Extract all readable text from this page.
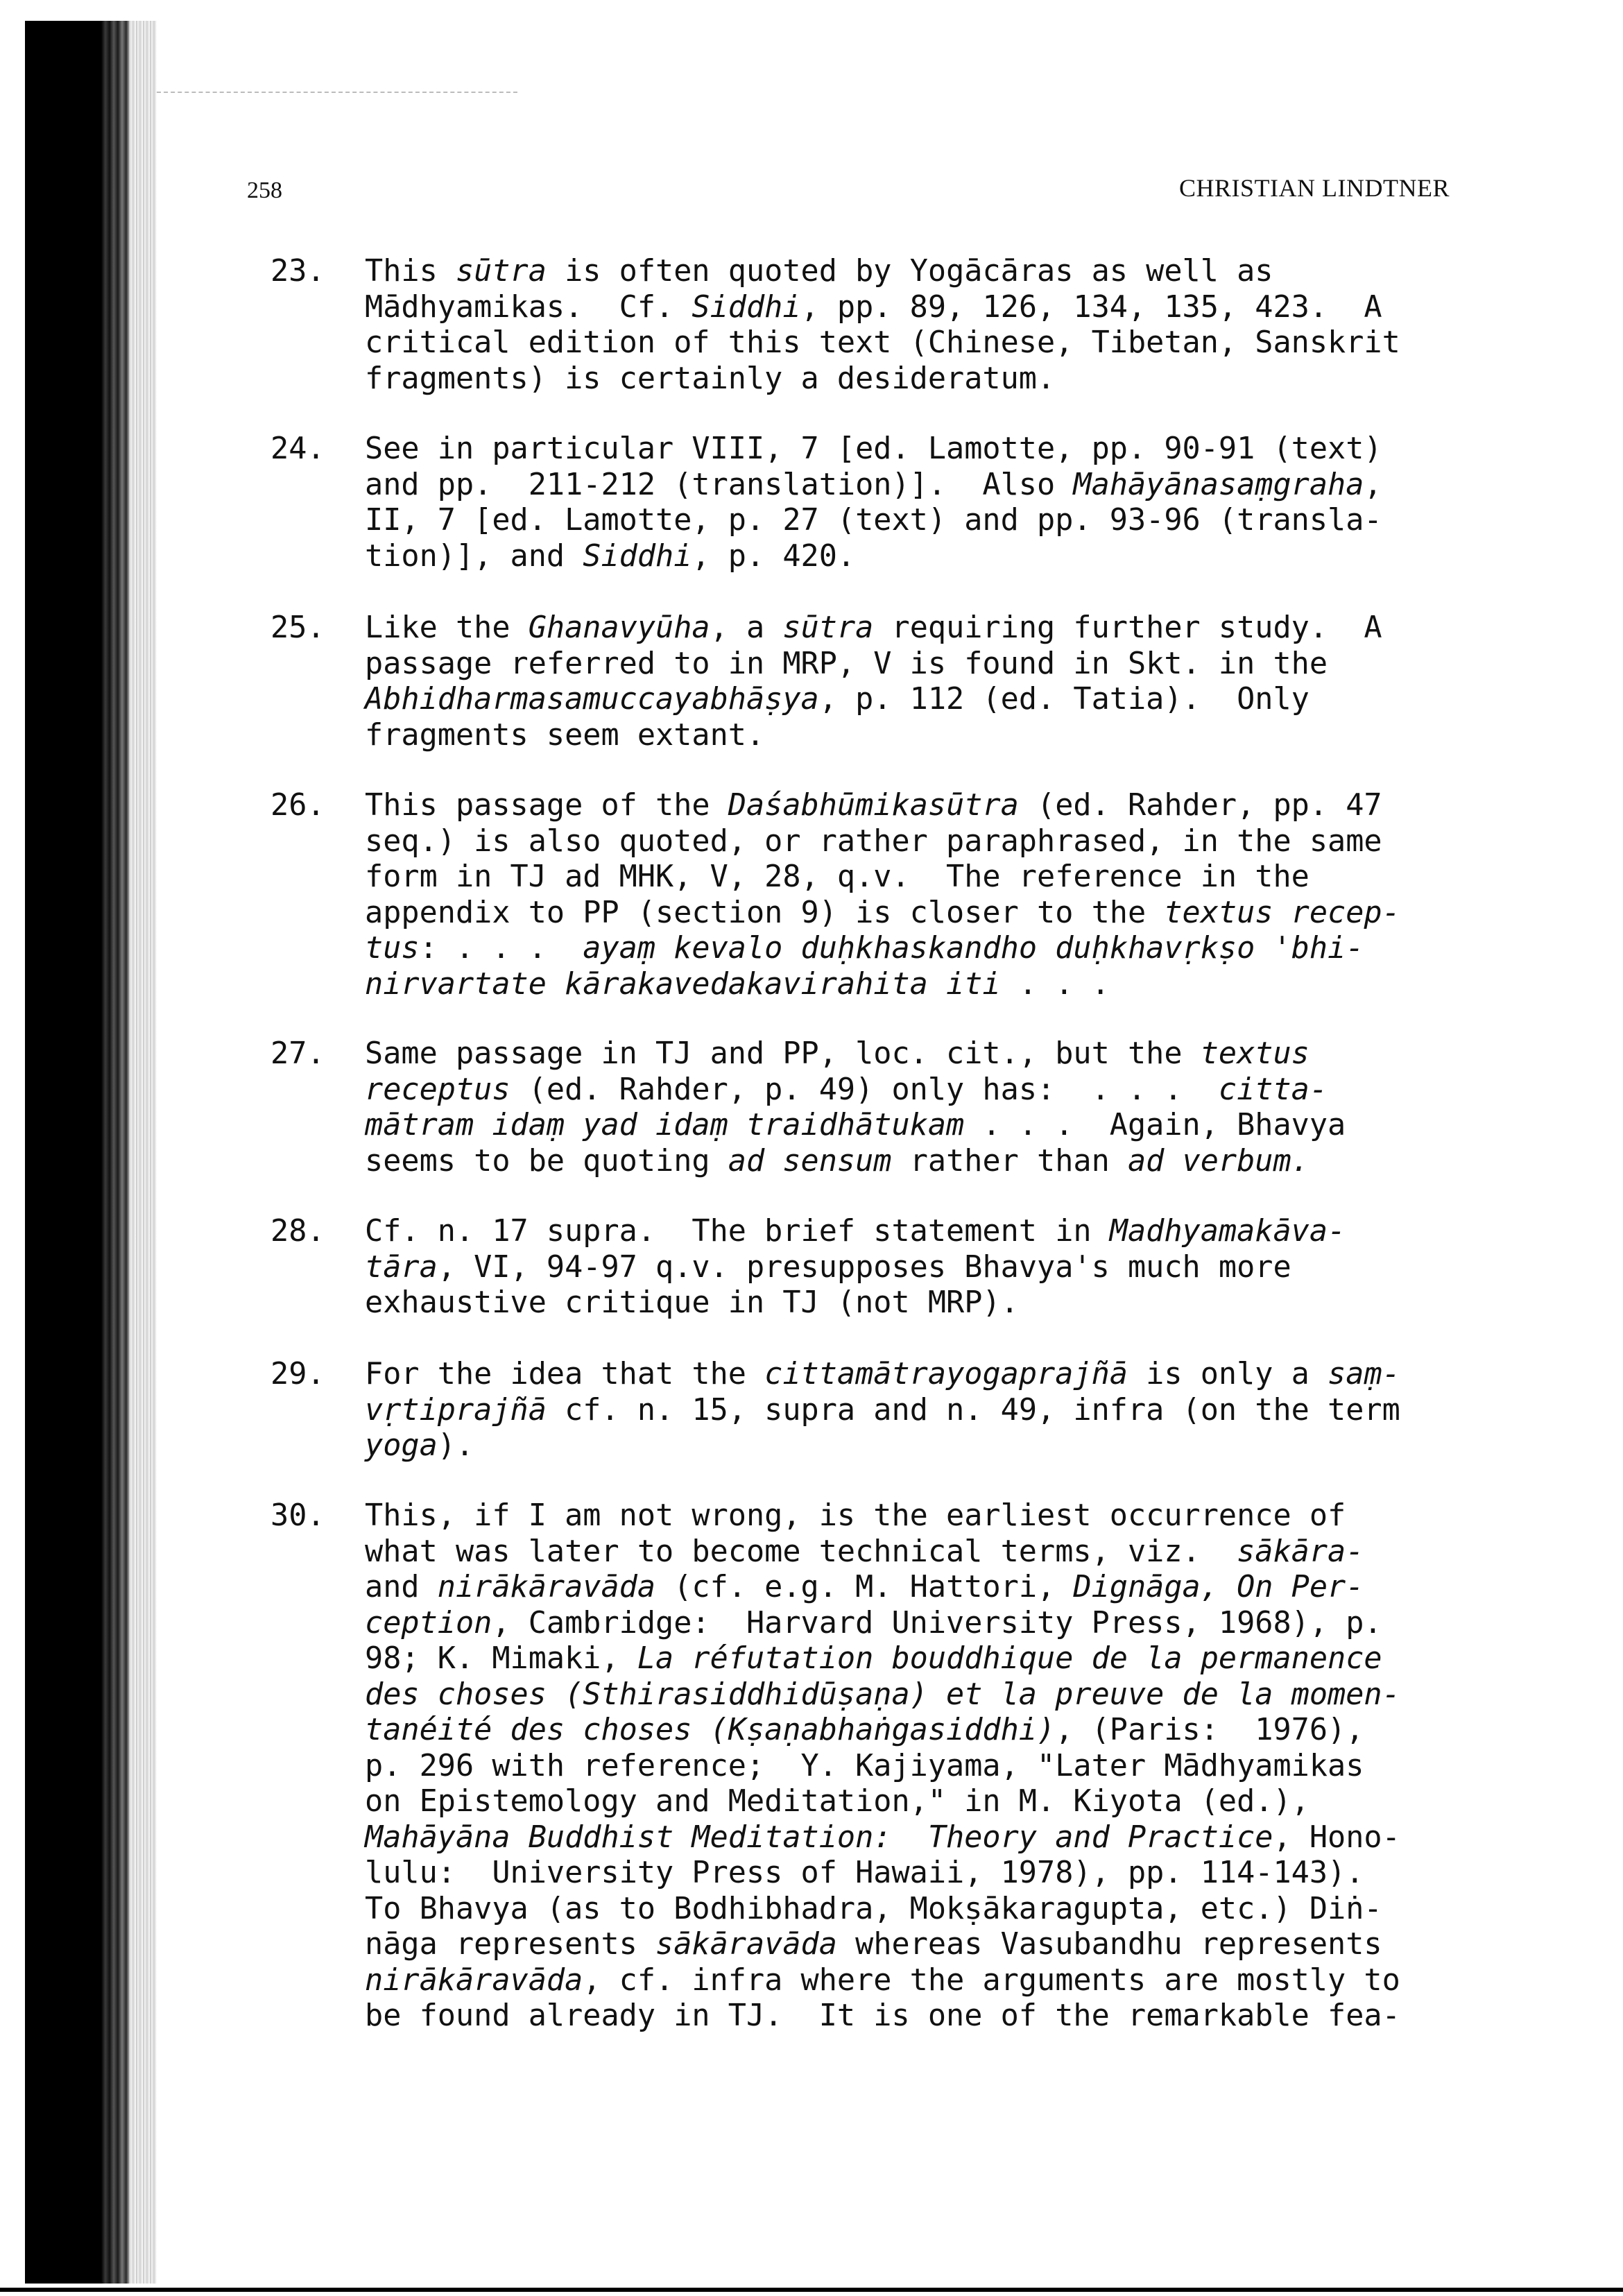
258	CHRISTIAN LINDTNER
23. This sūtra is often quoted by Yogācāras as well as
Mādhyamikas.  Cf. Siddhi, pp. 89, 126, 134, 135, 423.  A
critical edition of this text (Chinese, Tibetan, Sanskrit
fragments) is certainly a desideratum.
24. See in particular VIII, 7 [ed. Lamotte, pp. 90-91 (text)
and pp.  211-212 (translation)].  Also Mahāyānasaṃgraha,
II, 7 [ed. Lamotte, p. 27 (text) and pp. 93-96 (transla-
tion)], and Siddhi, p. 420.
25. Like the Ghanavyūha, a sūtra requiring further study.  A
passage referred to in MRP, V is found in Skt. in the
Abhidharmasamuccayabhāṣya, p. 112 (ed. Tatia).  Only
fragments seem extant.
26. This passage of the Daśabhūmikasūtra (ed. Rahder, pp. 47
seq.) is also quoted, or rather paraphrased, in the same
form in TJ ad MHK, V, 28, q.v.  The reference in the
appendix to PP (section 9) is closer to the textus recep-
tus: . . .  ayaṃ kevalo duḥkhaskandho duḥkhavṛkṣo 'bhi-
nirvartate kārakavedakavirahita iti . . .
27. Same passage in TJ and PP, loc. cit., but the textus
receptus (ed. Rahder, p. 49) only has:  . . .  citta-
mātram idaṃ yad idaṃ traidhātukam . . .  Again, Bhavya
seems to be quoting ad sensum rather than ad verbum.
28. Cf. n. 17 supra.  The brief statement in Madhyamakāva-
tāra, VI, 94-97 q.v. presupposes Bhavya's much more
exhaustive critique in TJ (not MRP).
29. For the idea that the cittamātrayogaprajñā is only a saṃ-
vṛtiprajñā cf. n. 15, supra and n. 49, infra (on the term
yoga).
30. This, if I am not wrong, is the earliest occurrence of
what was later to become technical terms, viz.  sākāra-
and nirākāravāda (cf. e.g. M. Hattori, Dignāga, On Per-
ception, Cambridge:  Harvard University Press, 1968), p.
98; K. Mimaki, La réfutation bouddhique de la permanence
des choses (Sthirasiddhidūṣaṇa) et la preuve de la momen-
tanéité des choses (Kṣaṇabhaṅgasiddhi), (Paris:  1976),
p. 296 with reference;  Y. Kajiyama, "Later Mādhyamikas
on Epistemology and Meditation," in M. Kiyota (ed.),
Mahāyāna Buddhist Meditation:  Theory and Practice, Hono-
lulu:  University Press of Hawaii, 1978), pp. 114-143).
To Bhavya (as to Bodhibhadra, Mokṣākaragupta, etc.) Diṅ-
nāga represents sākāravāda whereas Vasubandhu represents
nirākāravāda, cf. infra where the arguments are mostly to
be found already in TJ.  It is one of the remarkable fea-
